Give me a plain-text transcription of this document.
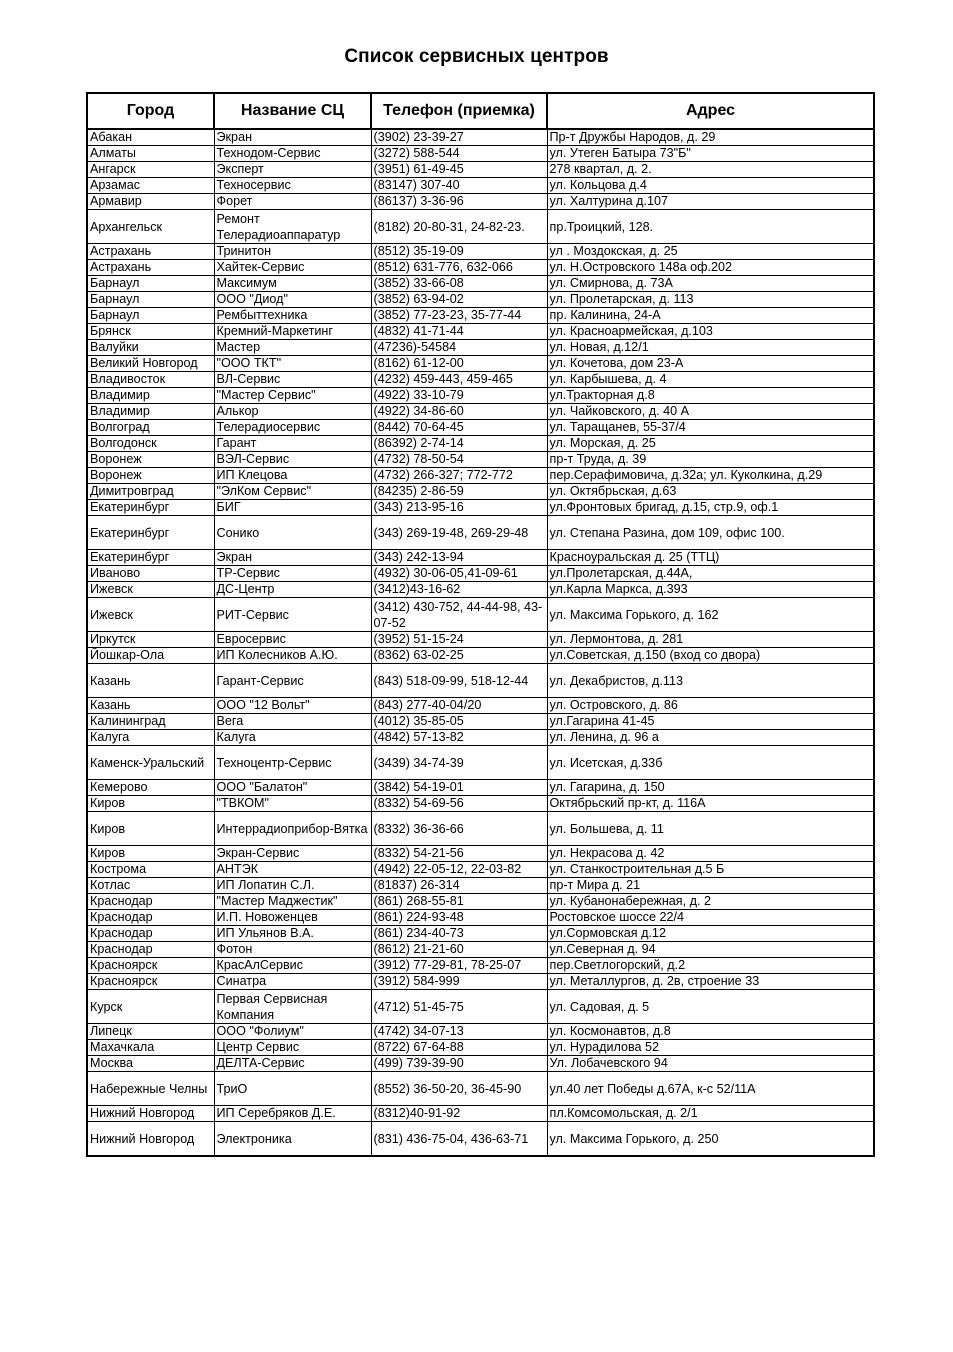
Список сервисных центров
Город	Название СЦ	Телефон (приемка)	Адрес
Абакан	Экран	(3902) 23-39-27	Пр-т Дружбы Народов, д. 29
Алматы	Технодом-Сервис	(3272) 588-544	ул. Утеген Батыра 73"Б"
Ангарск	Эксперт	(3951) 61-49-45	278 квартал, д. 2.
Арзамас	Техносервис	(83147) 307-40	ул. Кольцова д.4
Армавир	Форет	(86137) 3-36-96	ул. Халтурина д.107
Архангельск	Ремонт Телерадиоаппаратур	(8182) 20-80-31, 24-82-23.	пр.Троицкий, 128.
Астрахань	Тринитон	(8512) 35-19-09	ул . Моздокская, д. 25
Астрахань	Хайтек-Сервис	(8512) 631-776, 632-066	ул. Н.Островского 148а оф.202
Барнаул	Максимум	(3852) 33-66-08	ул. Смирнова, д. 73А
Барнаул	ООО "Диод"	(3852) 63-94-02	ул. Пролетарская, д. 113
Барнаул	Рембыттехника	(3852) 77-23-23, 35-77-44	пр. Калинина, 24-А
Брянск	Кремний-Маркетинг	(4832) 41-71-44	ул. Красноармейская, д.103
Валуйки	Мастер	(47236)-54584	ул. Новая, д.12/1
Великий Новгород	"ООО ТКТ"	(8162) 61-12-00	ул. Кочетова, дом 23-А
Владивосток	ВЛ-Сервис	(4232) 459-443, 459-465	ул. Карбышева, д. 4
Владимир	"Мастер Сервис"	(4922) 33-10-79	ул.Тракторная д.8
Владимир	Алькор	(4922) 34-86-60	ул. Чайковского, д. 40 А
Волгоград	Телерадиосервис	(8442) 70-64-45	ул. Таращанев, 55-37/4
Волгодонск	Гарант	(86392) 2-74-14	ул. Морская, д. 25
Воронеж	ВЭЛ-Сервис	(4732) 78-50-54	пр-т Труда, д. 39
Воронеж	ИП Клецова	(4732) 266-327; 772-772	пер.Серафимовича, д.32а; ул. Куколкина, д.29
Димитровград	"ЭлКом Сервис"	(84235) 2-86-59	ул. Октябрьская, д.63
Екатеринбург	БИГ	(343) 213-95-16	ул.Фронтовых бригад, д.15, стр.9, оф.1
Екатеринбург	Сонико	(343) 269-19-48, 269-29-48	ул. Степана Разина, дом 109, офис 100.
Екатеринбург	Экран	(343) 242-13-94	Красноуральская д. 25 (ТТЦ)
Иваново	ТР-Сервис	(4932) 30-06-05,41-09-61	ул.Пролетарская, д.44А,
Ижевск	ДС-Центр	(3412)43-16-62	ул.Карла Маркса, д.393
Ижевск	РИТ-Сервис	(3412) 430-752, 44-44-98, 43-07-52	ул. Максима Горького, д. 162
Иркутск	Евросервис	(3952) 51-15-24	ул. Лермонтова, д. 281
Йошкар-Ола	ИП Колесников А.Ю.	(8362) 63-02-25	ул.Советская, д.150 (вход со двора)
Казань	Гарант-Сервис	(843) 518-09-99, 518-12-44	ул. Декабристов, д.113
Казань	ООО "12 Вольт"	(843) 277-40-04/20	ул. Островского, д. 86
Калининград	Вега	(4012) 35-85-05	ул.Гагарина 41-45
Калуга	Калуга	(4842) 57-13-82	ул. Ленина, д. 96 а
Каменск-Уральский	Техноцентр-Сервис	(3439) 34-74-39	ул. Исетская, д.33б
Кемерово	ООО "Балатон"	(3842) 54-19-01	ул. Гагарина, д. 150
Киров	"ТВКОМ"	(8332) 54-69-56	Октябрьский пр-кт, д. 116А
Киров	Интеррадиоприбор-Вятка	(8332) 36-36-66	ул. Большева, д. 11
Киров	Экран-Сервис	(8332) 54-21-56	ул. Некрасова д. 42
Кострома	АНТЭК	(4942) 22-05-12, 22-03-82	ул. Станкостроительная д.5 Б
Котлас	ИП Лопатин С.Л.	(81837) 26-314	пр-т Мира д. 21
Краснодар	"Мастер Маджестик"	(861) 268-55-81	ул. Кубанонабережная, д. 2
Краснодар	И.П. Новоженцев	(861) 224-93-48	Ростовское шоссе 22/4
Краснодар	ИП Ульянов В.А.	(861) 234-40-73	ул.Сормовская д.12
Краснодар	Фотон	(8612) 21-21-60	ул.Северная д. 94
Красноярск	КрасАлСервис	(3912) 77-29-81, 78-25-07	пер.Светлогорский, д.2
Красноярск	Синатра	(3912) 584-999	ул. Металлургов, д. 2в, строение 33
Курск	Первая Сервисная Компания	(4712) 51-45-75	ул. Садовая, д. 5
Липецк	ООО "Фолиум"	(4742) 34-07-13	ул. Космонавтов, д.8
Махачкала	Центр Сервис	(8722) 67-64-88	ул. Нурадилова 52
Москва	ДЕЛТА-Сервис	(499) 739-39-90	Ул. Лобачевского 94
Набережные Челны	ТриО	(8552) 36-50-20, 36-45-90	ул.40 лет Победы д.67А, к-с 52/11А
Нижний Новгород	ИП Серебряков Д.Е.	(8312)40-91-92	пл.Комсомольская, д. 2/1
Нижний Новгород	Электроника	(831) 436-75-04, 436-63-71	ул. Максима Горького, д. 250
